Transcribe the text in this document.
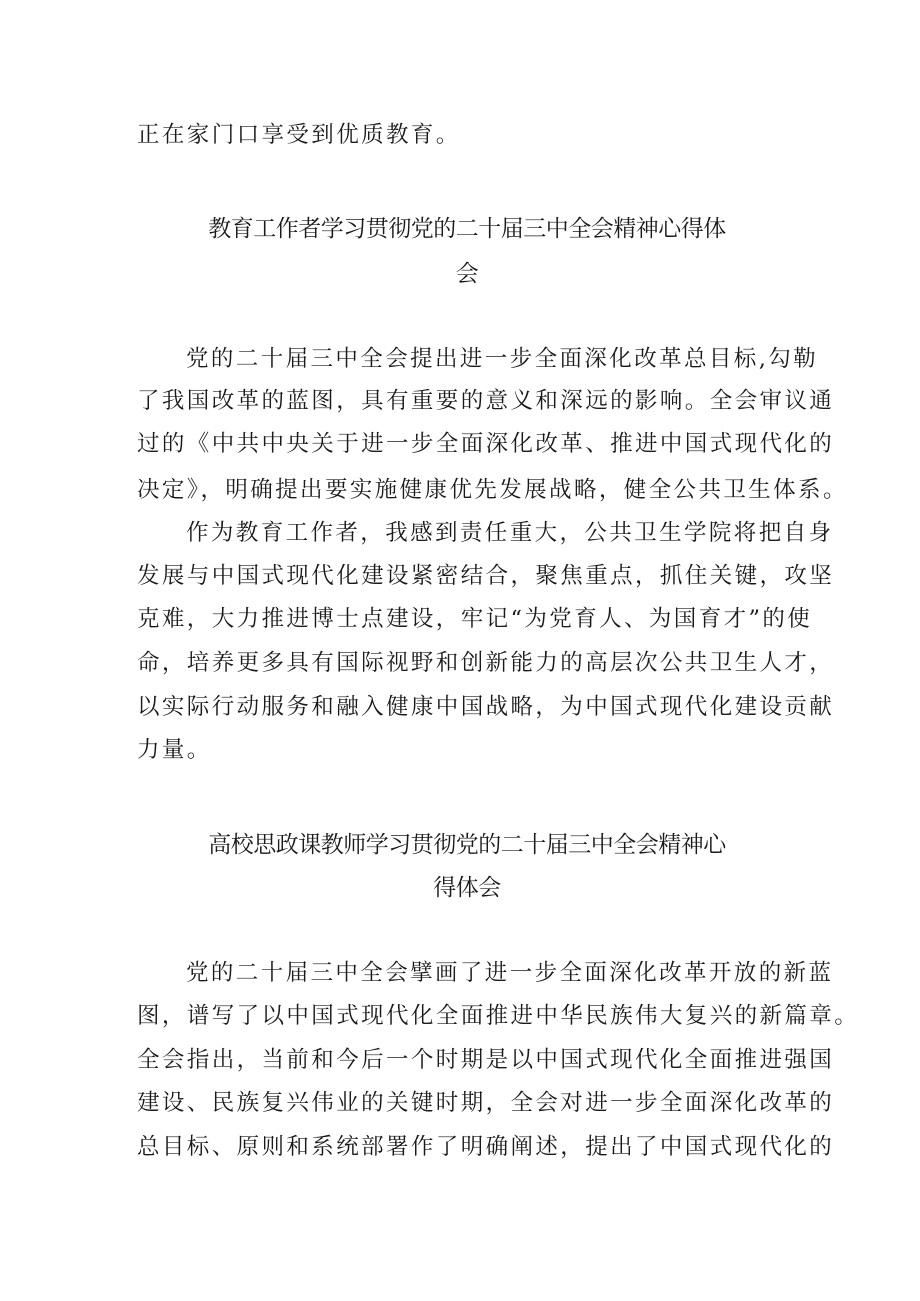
正在家门口享受到优质教育。
教育工作者学习贯彻党的二十届三中全会精神心得体
会
党的二十届三中全会提出进一步全面深化改革总目标,勾勒
了我国改革的蓝图，具有重要的意义和深远的影响。全会审议通
过的《中共中央关于进一步全面深化改革、推进中国式现代化的
决定》，明确提出要实施健康优先发展战略，健全公共卫生体系。
作为教育工作者，我感到责任重大，公共卫生学院将把自身
发展与中国式现代化建设紧密结合，聚焦重点，抓住关键，攻坚
克难，大力推进博士点建设，牢记“为党育人、为国育才”的使
命，培养更多具有国际视野和创新能力的高层次公共卫生人才，
以实际行动服务和融入健康中国战略，为中国式现代化建设贡献
力量。
高校思政课教师学习贯彻党的二十届三中全会精神心
得体会
党的二十届三中全会擘画了进一步全面深化改革开放的新蓝
图，谱写了以中国式现代化全面推进中华民族伟大复兴的新篇章。
全会指出，当前和今后一个时期是以中国式现代化全面推进强国
建设、民族复兴伟业的关键时期，全会对进一步全面深化改革的
总目标、原则和系统部署作了明确阐述，提出了中国式现代化的
